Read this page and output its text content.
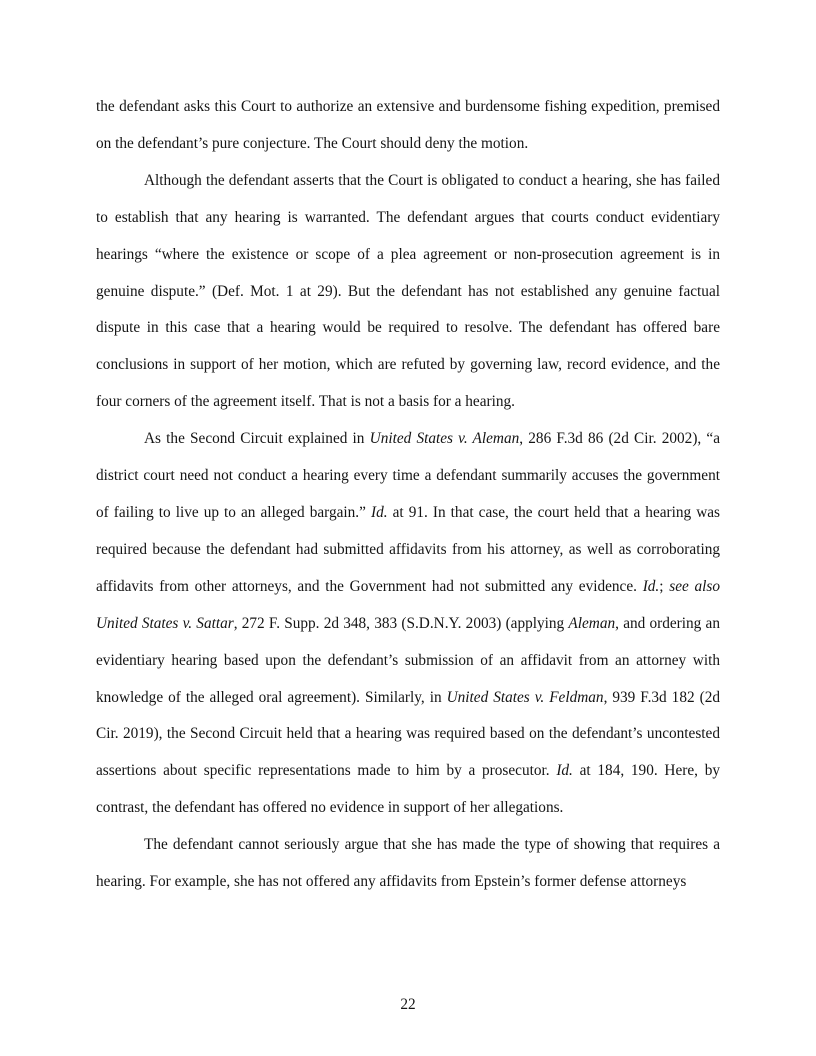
the defendant asks this Court to authorize an extensive and burdensome fishing expedition, premised on the defendant’s pure conjecture. The Court should deny the motion.

Although the defendant asserts that the Court is obligated to conduct a hearing, she has failed to establish that any hearing is warranted. The defendant argues that courts conduct evidentiary hearings “where the existence or scope of a plea agreement or non-prosecution agreement is in genuine dispute.” (Def. Mot. 1 at 29). But the defendant has not established any genuine factual dispute in this case that a hearing would be required to resolve. The defendant has offered bare conclusions in support of her motion, which are refuted by governing law, record evidence, and the four corners of the agreement itself. That is not a basis for a hearing.

As the Second Circuit explained in United States v. Aleman, 286 F.3d 86 (2d Cir. 2002), “a district court need not conduct a hearing every time a defendant summarily accuses the government of failing to live up to an alleged bargain.” Id. at 91. In that case, the court held that a hearing was required because the defendant had submitted affidavits from his attorney, as well as corroborating affidavits from other attorneys, and the Government had not submitted any evidence. Id.; see also United States v. Sattar, 272 F. Supp. 2d 348, 383 (S.D.N.Y. 2003) (applying Aleman, and ordering an evidentiary hearing based upon the defendant’s submission of an affidavit from an attorney with knowledge of the alleged oral agreement). Similarly, in United States v. Feldman, 939 F.3d 182 (2d Cir. 2019), the Second Circuit held that a hearing was required based on the defendant’s uncontested assertions about specific representations made to him by a prosecutor. Id. at 184, 190. Here, by contrast, the defendant has offered no evidence in support of her allegations.

The defendant cannot seriously argue that she has made the type of showing that requires a hearing. For example, she has not offered any affidavits from Epstein’s former defense attorneys

22
